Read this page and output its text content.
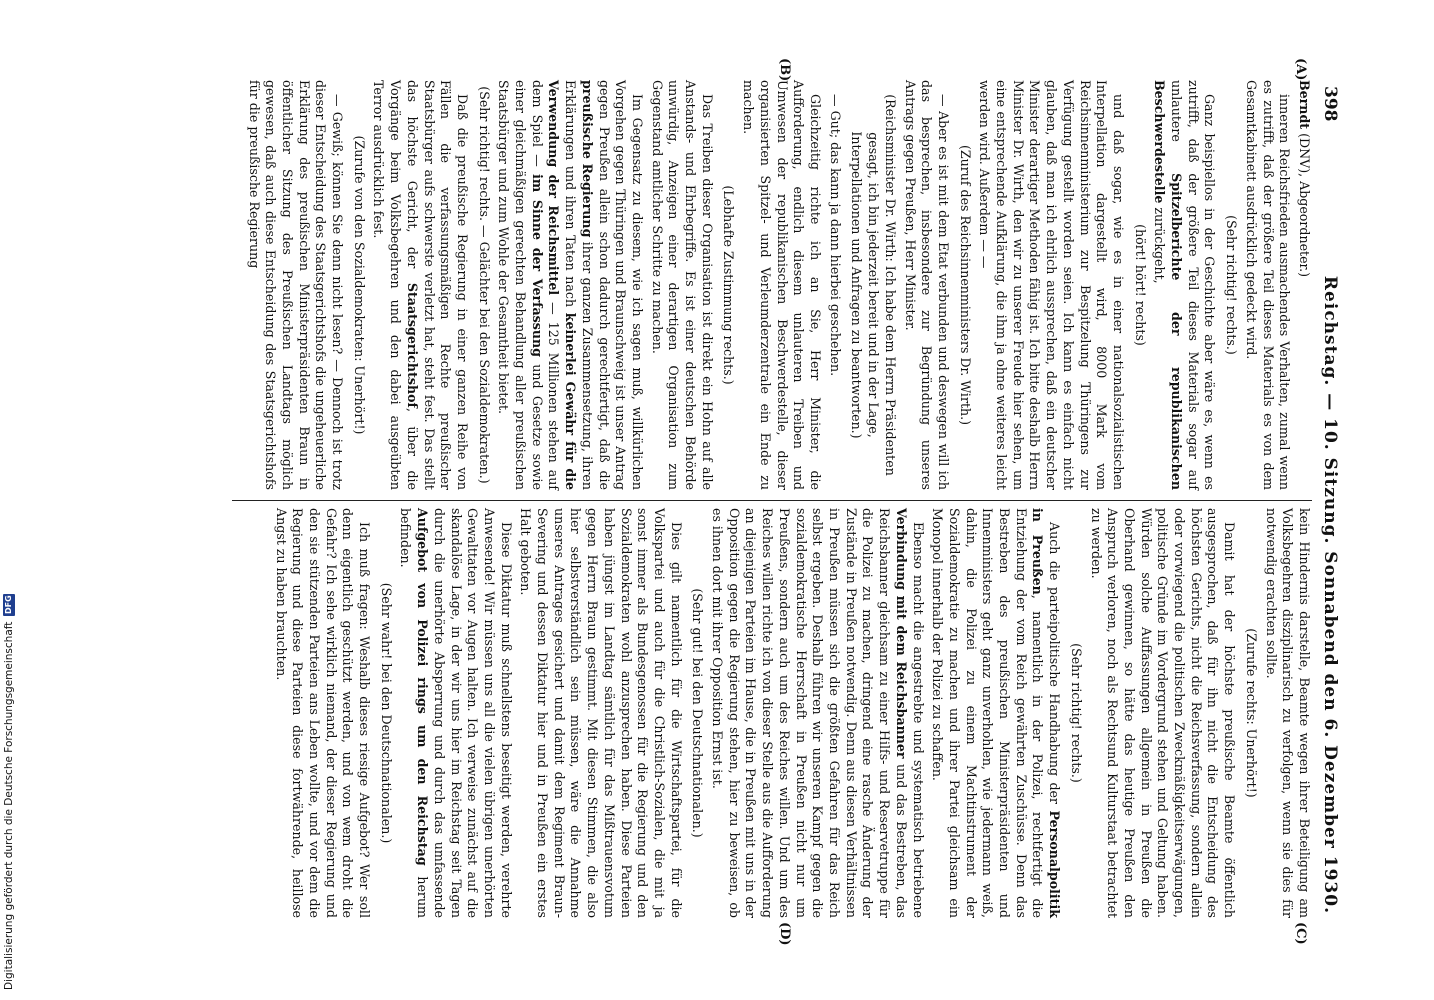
398
Reichstag. — 10. Sitzung. Sonnabend den 6. Dezember 1930.

Berndt (DNV), Abgeordneter.)

inneren Reichsfrieden ausmachendes Verhalten, zumal wenn es zutrifft, daß der größere Teil dieses Materials es von dem Gesamtkabinett ausdrücklich gedeckt wird.

(Sehr richtig! rechts.)

Ganz beispiellos in der Geschichte aber wäre es, wenn es zutrifft, daß der größere Teil dieses Materials sogar auf unlautere Spitzelberichte der republikanischen Beschwerdestelle zurückgeht,

(hört! hört! rechts)

und daß sogar, wie es in einer nationalsozialistischen Interpellation dargestellt wird, 8000 Mark vom Reichsinnenministerium zur Bespitzelung Thüringens zur Verfügung gestellt worden seien. Ich kann es einfach nicht glauben, daß man ich ehrlich aussprechen, daß ein deutscher Minister derartiger Methoden fähig ist. Ich bitte deshalb Herrn Minister Dr. Wirth, den wir zu unserer Freude hier sehen, um eine entsprechende Aufklärung, die ihm ja ohne weiteres leicht werden wird. Außerdem — —

(Zuruf des Reichsinnenministers Dr. Wirth.)

— Aber es ist mit dem Etat verbunden und deswegen will ich das besprechen, insbesondere zur Begründung unseres Antrags gegen Preußen, Herr Minister.

(Reichsminister Dr. Wirth: Ich habe dem Herrn Präsidenten gesagt, ich bin jederzeit bereit und in der Lage, Interpellationen und Anfragen zu beantworten.)

— Gut; das kann ja dann hierbei geschehen.

Gleichzeitig richte ich an Sie, Herr Minister, die Aufforderung, endlich diesem unlauteren Treiben und Umwesen der republikanischen Beschwerdestelle, dieser organisierten Spitzel- und Verleumderzentrale ein Ende zu machen.

(Lebhafte Zustimmung rechts.)

Das Treiben dieser Organisation ist direkt ein Hohn auf alle Anstands- und Ehrbegriffe. Es ist einer deutschen Behörde unwürdig, Anzeigen einer derartigen Organisation zum Gegenstand amtlicher Schritte zu machen.

Im Gegensatz zu diesem, wie ich sagen muß, willkürlichen Vorgehen gegen Thüringen und Braunschweig ist unser Antrag gegen Preußen allein schon dadurch gerechtfertigt, daß die preußische Regierung ihrer ganzen Zusammensetzung, ihren Erklärungen und ihren Taten nach keinerlei Gewähr für die Verwendung der Reichsmittel — 125 Millionen stehen auf dem Spiel — im Sinne der Verfassung und Gesetze sowie einer gleichmäßigen gerechten Behandlung aller preußischen Staatsbürger und zum Wohle der Gesamtheit bietet.

(Sehr richtig! rechts. — Gelächter bei den Sozialdemokraten.)

Daß die preußische Regierung in einer ganzen Reihe von Fällen die verfassungsmäßigen Rechte preußischer Staatsbürger aufs schwerste verletzt hat, steht fest. Das stellt das höchste Gericht, der Staatsgerichtshof, über die Vorgänge beim Volksbegehren und den dabei ausgeübten Terror ausdrücklich fest.

(Zurufe von den Sozialdemokraten: Unerhört!)

— Gewiß; können Sie denn nicht lesen? — Dennoch ist trotz dieser Entscheidung des Staatsgerichtshofs die ungeheuerliche Erklärung des preußischen Ministerpräsidenten Braun in öffentlicher Sitzung des Preußischen Landtags möglich gewesen, daß auch diese Entscheidung des Staatsgerichtshofs für die preußische Regierung

kein Hindernis darstelle, Beamte wegen ihrer Beteiligung am Volksbegehren disziplinarisch zu verfolgen, wenn sie dies für notwendig erachten sollte.

(Zurufe rechts: Unerhört!)

Damit hat der höchste preußische Beamte öffentlich ausgesprochen, daß für ihn nicht die Entscheidung des höchsten Gerichts, nicht die Reichsverfassung, sondern allein oder vorwiegend die politischen Zweckmäßigkeitserwägungen, politische Gründe im Vordergrund stehen und Geltung haben. Würden solche Auffassungen allgemein in Preußen die Oberhand gewinnen, so hätte das heutige Preußen den Anspruch verloren, noch als Rechtsund Kulturstaat betrachtet zu werden.

(Sehr richtig! rechts.)

Auch die parteipolitische Handhabung der Personalpolitik in Preußen, namentlich in der Polizei, rechtfertigt die Entziehung der vom Reich gewährten Zuschüsse. Denn das Bestreben des preußischen Ministerpräsidenten und Innenministers geht ganz unverhohlen, wie jedermann weiß, dahin, die Polizei zu einem Machtinstrument der Sozialdemokratie zu machen und ihrer Partei gleichsam ein Monopol innerhalb der Polizei zu schaffen.

Ebenso macht die angestrebte und systematisch betriebene Verbindung mit dem Reichsbanner und das Bestreben, das Reichsbanner gleichsam zu einer Hilfs- und Reservetruppe für die Polizei zu machen, dringend eine rasche Änderung der Zustände in Preußen notwendig. Denn aus diesen Verhältnissen in Preußen müssen sich die größten Gefahren für das Reich selbst ergeben. Deshalb führen wir unseren Kampf gegen die sozialdemokratische Herrschaft in Preußen nicht nur um Preußens, sondern auch um des Reiches willen. Und um des Reiches willen richte ich von dieser Stelle aus die Aufforderung an diejenigen Parteien im Hause, die in Preußen mit uns in der Opposition gegen die Regierung stehen, hier zu beweisen, ob es ihnen dort mit ihrer Opposition Ernst ist.

(Sehr gut! bei den Deutschnationalen.)

Dies gilt namentlich für die Wirtschaftspartei, für die Volkspartei und auch für die Christlich-Sozialen, die mit ja sonst immer als Bundesgenossen für die Regierung und den Sozialdemokraten wohl anzusprechen haben. Diese Parteien haben jüngst im Landtag sämtlich für das Mißtrauensvotum gegen Herrn Braun gestimmt. Mit diesen Stimmen, die also hier selbstverständlich sein müssen, wäre die Annahme unseres Antrages gesichert und damit dem Regiment Braun-Severing und dessen Diktatur hier und in Preußen ein erstes Halt geboten.

Diese Diktatur muß schnellstens beseitigt werden, verehrte Anwesende! Wir müssen uns all die vielen übrigen unerhörten Gewalttaten vor Augen halten. Ich verweise zunächst auf die skandalöse Lage, in der wir uns hier im Reichstag seit Tagen durch die unerhörte Absperrung und durch das umfassende Aufgebot von Polizei rings um den Reichstag herum befinden.

(Sehr wahr! bei den Deutschnationalen.)

Ich muß fragen: Weshalb dieses riesige Aufgebot? Wer soll denn eigentlich geschützt werden, und von wem droht die Gefahr? Ich sehe wirklich niemand, der dieser Regierung und den sie stützenden Parteien ans Leben wollte, und vor dem die Regierung und diese Parteien diese fortwährende, heillose Angst zu haben brauchten.

(A)
(B)
(C)
(D)
Digitalisierung gefördert durch die Deutsche Forschungsgemeinschaft
DFG
